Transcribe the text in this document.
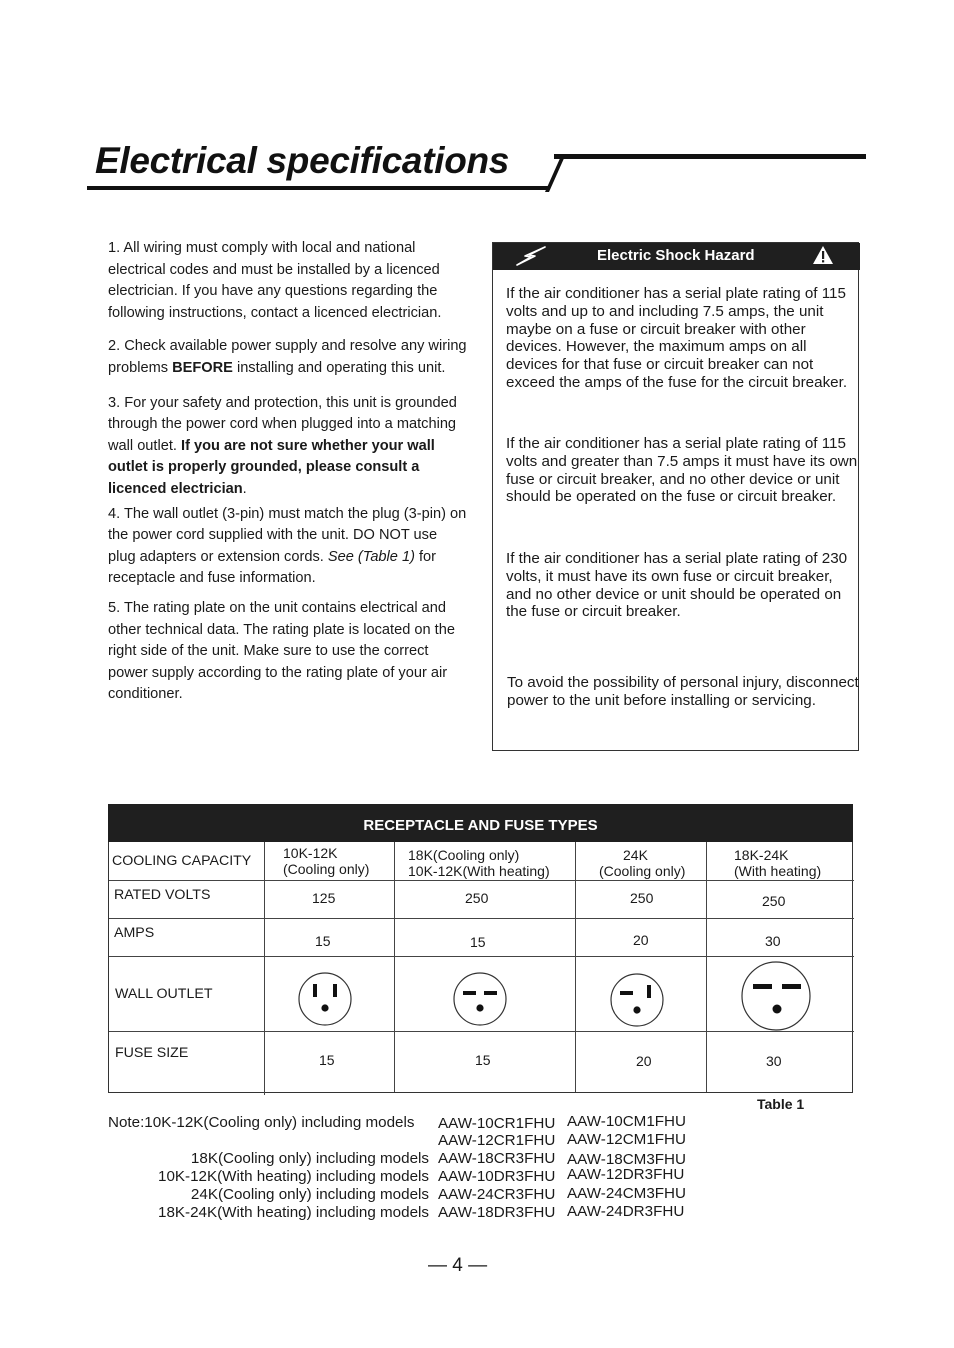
Electrical specifications

1. All wiring must comply with local and national electrical codes and must be installed by a licenced electrician. If you have any questions regarding the following instructions, contact a licenced electrician.

2. Check available power supply and resolve any wiring problems BEFORE installing and operating this unit.

3. For your safety and protection, this unit is grounded through the power cord when plugged into a matching wall outlet. If you are not sure whether your wall outlet is properly grounded, please consult a licenced electrician.

4. The wall outlet (3-pin) must match the plug (3-pin) on the power cord supplied with the unit. DO NOT use plug adapters or extension cords. See (Table 1) for receptacle and fuse information.

5. The rating plate on the unit contains electrical and other technical data. The rating plate is located on the right side of the unit. Make sure to use the correct power supply according to the rating plate of your air conditioner.

Electric Shock Hazard

If the air conditioner has a serial plate rating of 115 volts and up to and including 7.5 amps, the unit maybe on a fuse or circuit breaker with other devices. However, the maximum amps on all devices for that fuse or circuit breaker can not exceed the amps of the fuse for the circuit breaker.

If the air conditioner has a serial plate rating of 115 volts and greater than 7.5 amps it must have its own fuse or circuit breaker, and no other device or unit should be operated on the fuse or circuit breaker.

If the air conditioner has a serial plate rating of 230 volts, it must have its own fuse or circuit breaker, and no other device or unit should be operated on the fuse or circuit breaker.

To avoid the possibility of personal injury, disconnect power to the unit before installing or servicing.

RECEPTACLE AND FUSE TYPES
COOLING CAPACITY
RATED VOLTS
AMPS
WALL OUTLET
FUSE SIZE
10K-12K
(Cooling only)
125
15
15
18K(Cooling only)
10K-12K(With heating)
250
15
15
24K
(Cooling only)
250
20
20
18K-24K
(With heating)
250
30
30
Table 1
Note:10K-12K(Cooling only) including models AAW-10CR1FHU AAW-10CM1FHU
AAW-12CR1FHU AAW-12CM1FHU
18K(Cooling only) including models AAW-18CR3FHU AAW-18CM3FHU
10K-12K(With heating) including models AAW-10DR3FHU AAW-12DR3FHU
24K(Cooling only) including models AAW-24CR3FHU AAW-24CM3FHU
18K-24K(With heating) including models AAW-18DR3FHU AAW-24DR3FHU
— 4 —
